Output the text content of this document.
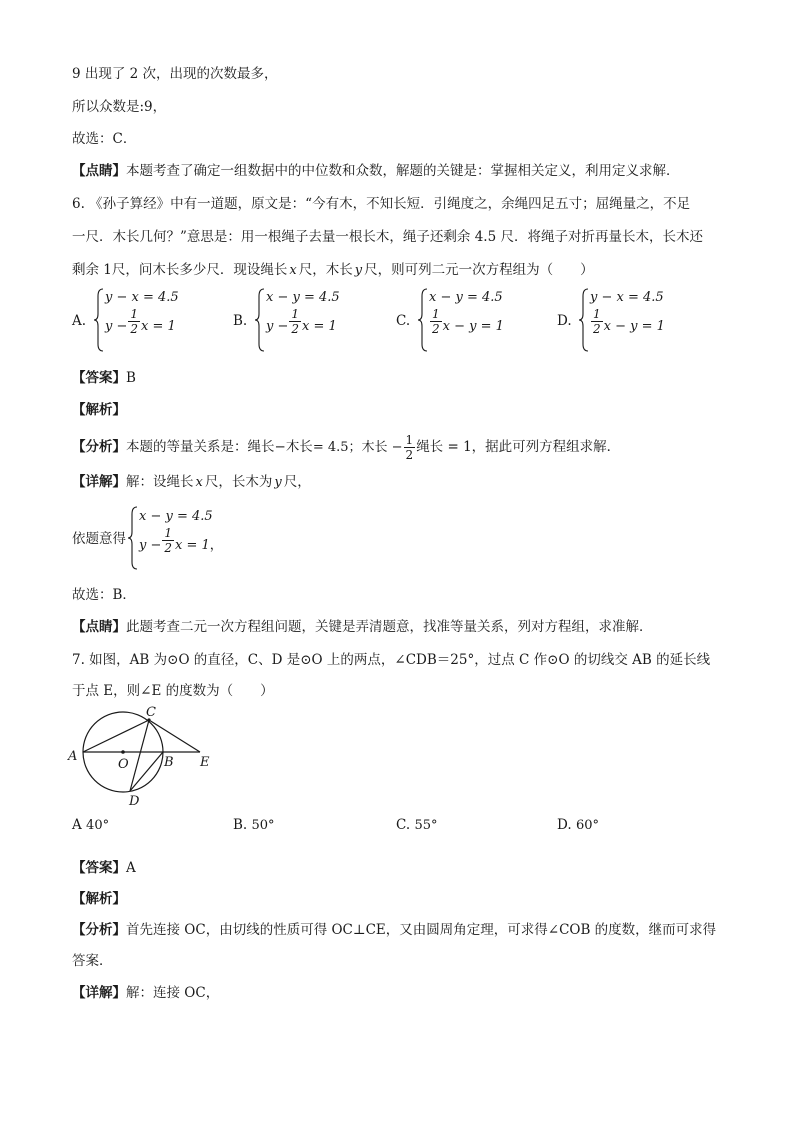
9 出现了 2 次，出现的次数最多，
所以众数是:9，
故选：C．
【点睛】本题考查了确定一组数据中的中位数和众数，解题的关键是：掌握相关定义，利用定义求解．
6. 《孙子算经》中有一道题，原文是：“今有木，不知长短．引绳度之，余绳四足五寸；屈绳量之，不足
一尺．木长几何？”意思是：用一根绳子去量一根长木，绳子还剩余 4.5 尺．将绳子对折再量长木，长木还
剩余 1尺，问木长多少尺．现设绳长 x 尺，木长 y 尺，则可列二元一次方程组为（　　）
A.
y − x = 4.5
$y - \frac{1}{2}$ x = 1	B.
x − y = 4.5
$y - \frac{1}{2}$ x = 1	C.
x − y = 4.5
$\frac{1}{2}$ x − y = 1	D.
y − x = 4.5
$\frac{1}{2}$ x − y = 1
【答案】B
【解析】
【分析】本题的等量关系是：绳长−木长= 4.5；木长 − $\frac{1}{2}$ 绳长 = 1，据此可列方程组求解．
【详解】解：设绳长 x 尺，长木为 y 尺，
依题意得
x − y = 4.5
$y - \frac{1}{2}$ x = 1，
故选：B．
【点睛】此题考查二元一次方程组问题，关键是弄清题意，找准等量关系，列对方程组，求准解．
7. 如图，AB 为⊙O 的直径，C、D 是⊙O 上的两点，∠CDB＝25°，过点 C 作⊙O 的切线交 AB 的延长线
于点 E，则∠E 的度数为（　　）
A
C
O	B E
D
A 40°	B. 50°	C. 55°	D. 60°
【答案】A
【解析】
【分析】首先连接 OC，由切线的性质可得 OC⊥CE，又由圆周角定理，可求得∠COB 的度数，继而可求得
答案．
【详解】解：连接 OC，
